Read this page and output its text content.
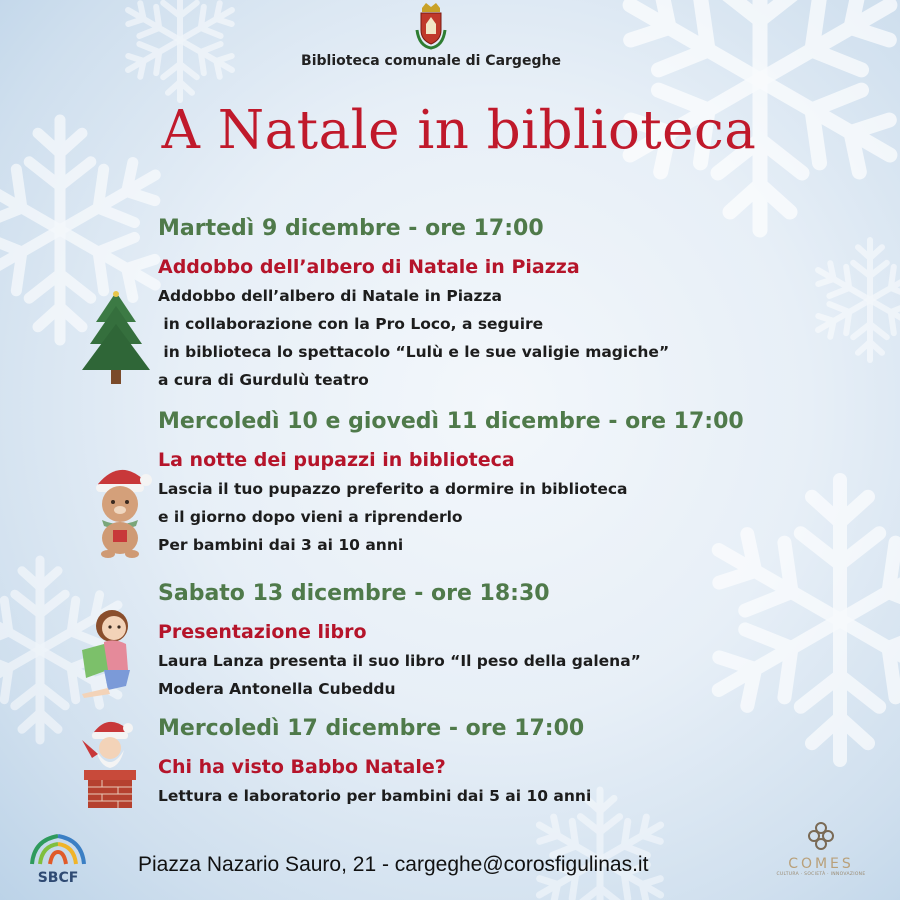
Biblioteca comunale di Cargeghe
A Natale in biblioteca
Martedì 9 dicembre - ore 17:00
Addobbo dell’albero di Natale in Piazza
Addobbo dell’albero di Natale in Piazza
in collaborazione con la Pro Loco, a seguire
in biblioteca lo spettacolo “Lulù e le sue valigie magiche”
a cura di Gurdulù teatro
Mercoledì 10 e giovedì 11 dicembre - ore 17:00
La notte dei pupazzi in biblioteca
Lascia il tuo pupazzo preferito a dormire in biblioteca
e il giorno dopo vieni a riprenderlo
Per bambini dai 3 ai 10 anni
Sabato 13 dicembre - ore 18:30
Presentazione libro
Laura Lanza presenta il suo libro “Il peso della galena”
Modera Antonella Cubeddu
Mercoledì 17 dicembre - ore 17:00
Chi ha visto Babbo Natale?
Lettura e laboratorio per bambini dai 5 ai 10 anni
SBCF
Piazza Nazario Sauro, 21 - cargeghe@corosfigulinas.it	COMES
CULTURA · SOCIETÀ · INNOVAZIONE
